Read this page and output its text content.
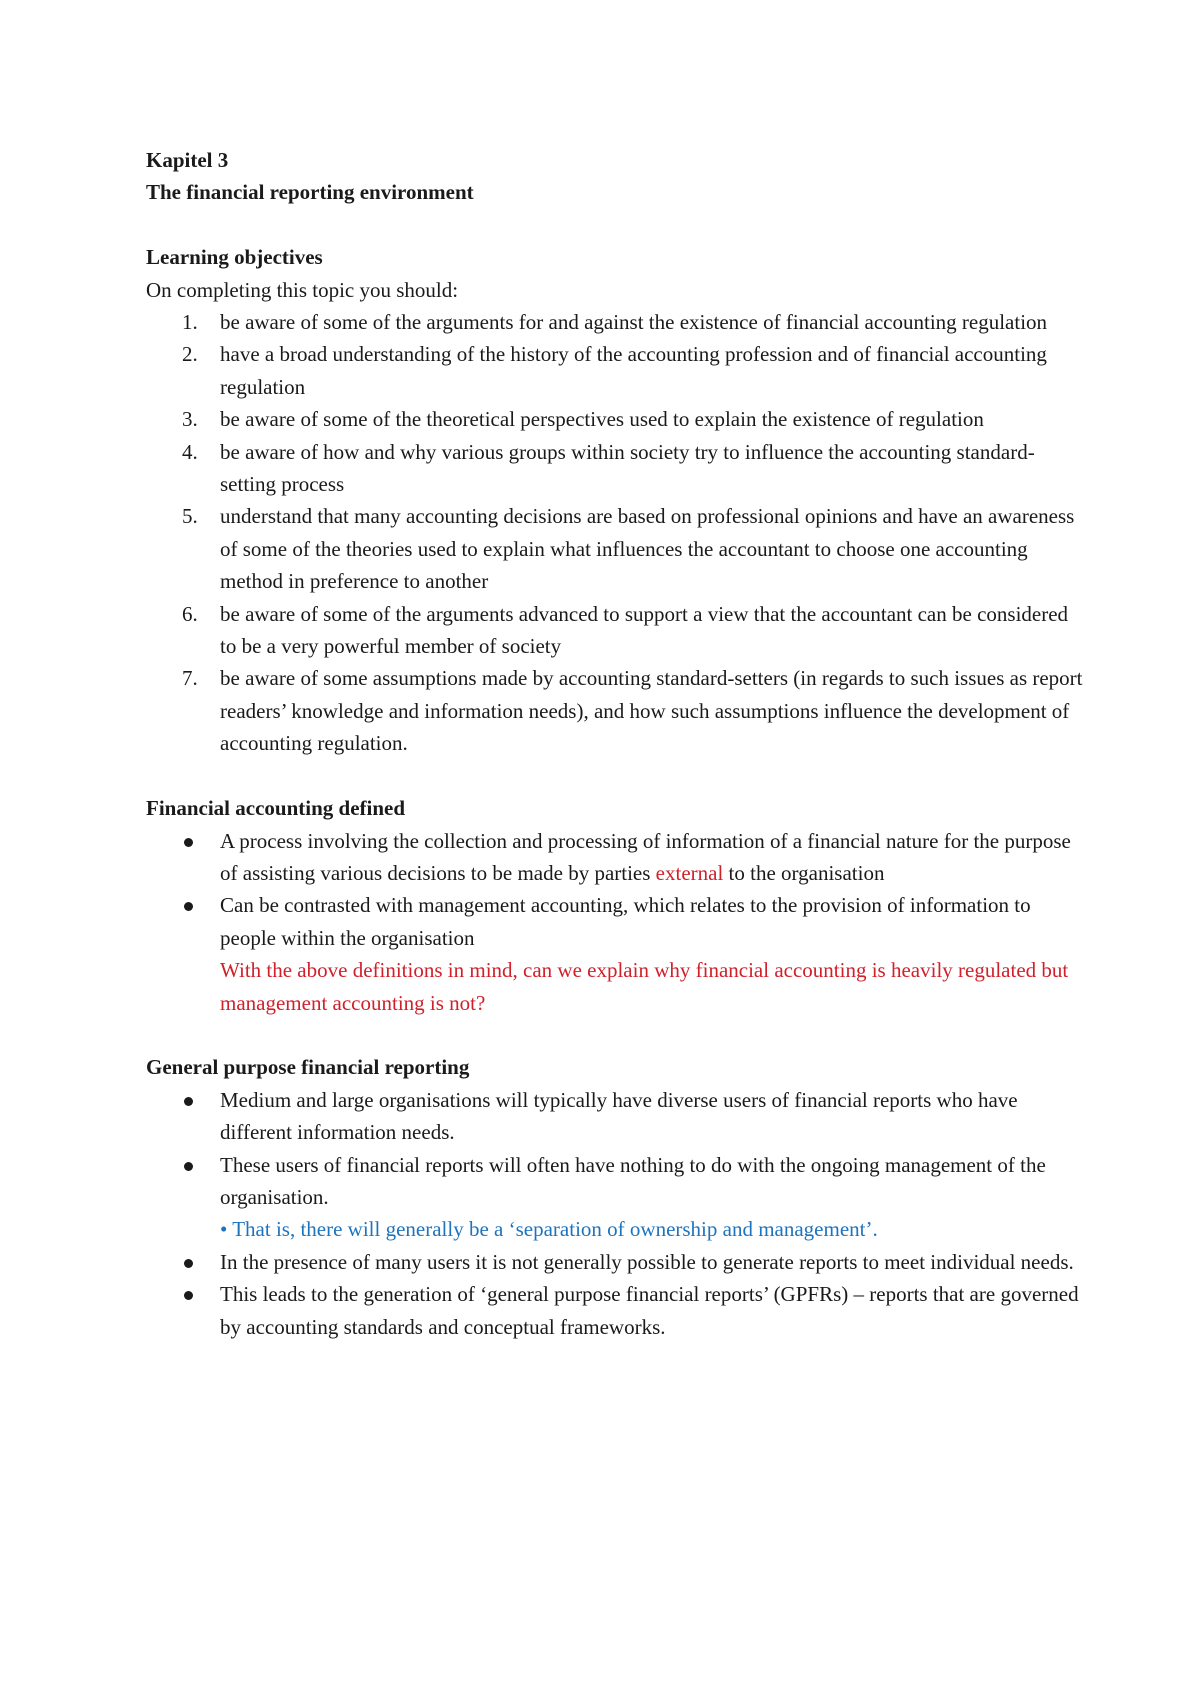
Kapitel 3

The financial reporting environment

Learning objectives

On completing this topic you should:

1. be aware of some of the arguments for and against the existence of financial accounting regulation
2. have a broad understanding of the history of the accounting profession and of financial accounting regulation
3. be aware of some of the theoretical perspectives used to explain the existence of regulation
4. be aware of how and why various groups within society try to influence the accounting standard-setting process
5. understand that many accounting decisions are based on professional opinions and have an awareness of some of the theories used to explain what influences the accountant to choose one accounting method in preference to another
6. be aware of some of the arguments advanced to support a view that the accountant can be considered to be a very powerful member of society
7. be aware of some assumptions made by accounting standard-setters (in regards to such issues as report readers’ knowledge and information needs), and how such assumptions influence the development of accounting regulation.

Financial accounting defined

A process involving the collection and processing of information of a financial nature for the purpose of assisting various decisions to be made by parties external to the organisation
Can be contrasted with management accounting, which relates to the provision of information to people within the organisation
With the above definitions in mind, can we explain why financial accounting is heavily regulated but management accounting is not?

General purpose financial reporting

Medium and large organisations will typically have diverse users of financial reports who have different information needs.
These users of financial reports will often have nothing to do with the ongoing management of the organisation.
• That is, there will generally be a ‘separation of ownership and management’.
In the presence of many users it is not generally possible to generate reports to meet individual needs.
This leads to the generation of ‘general purpose financial reports’ (GPFRs) – reports that are governed by accounting standards and conceptual frameworks.
